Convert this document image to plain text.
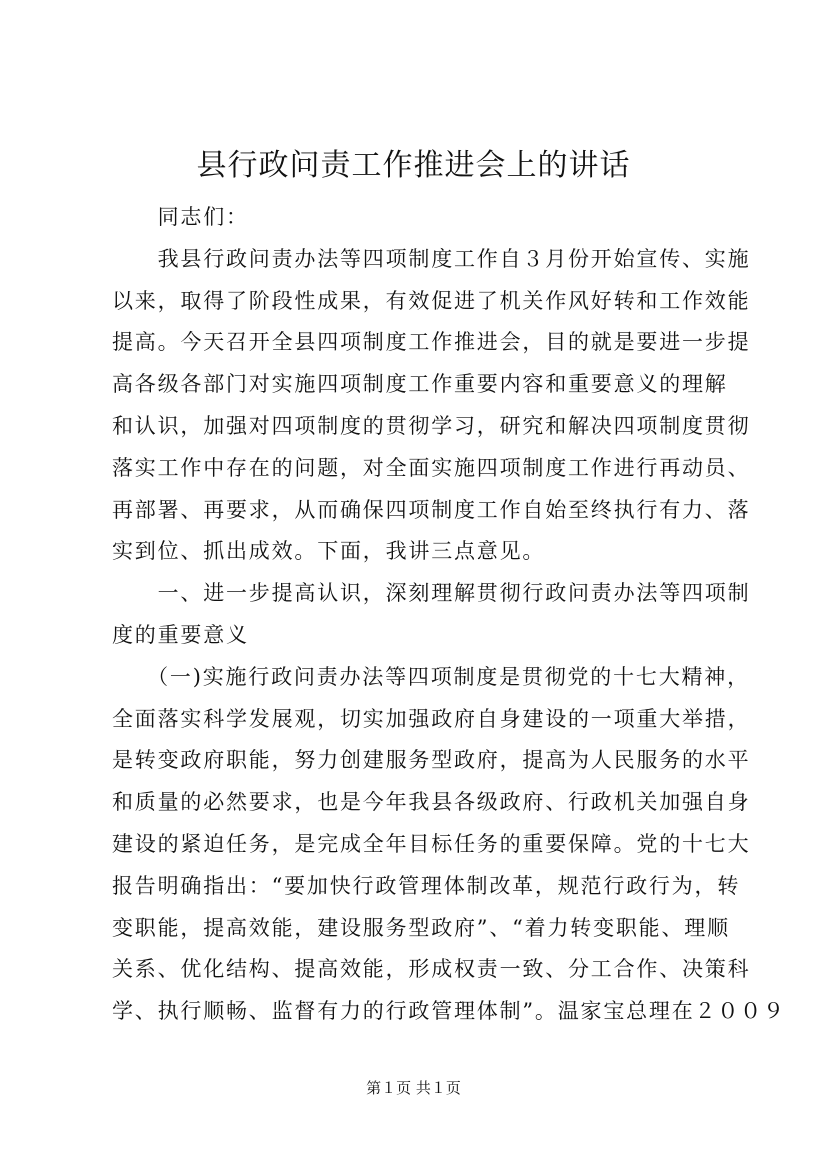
县行政问责工作推进会上的讲话
　　同志们：
　　我县行政问责办法等四项制度工作自３月份开始宣传、实施
以来，取得了阶段性成果，有效促进了机关作风好转和工作效能
提高。今天召开全县四项制度工作推进会，目的就是要进一步提
高各级各部门对实施四项制度工作重要内容和重要意义的理解
和认识，加强对四项制度的贯彻学习，研究和解决四项制度贯彻
落实工作中存在的问题，对全面实施四项制度工作进行再动员、
再部署、再要求，从而确保四项制度工作自始至终执行有力、落
实到位、抓出成效。下面，我讲三点意见。
　　一、进一步提高认识，深刻理解贯彻行政问责办法等四项制
度的重要意义
　　（一)实施行政问责办法等四项制度是贯彻党的十七大精神，
全面落实科学发展观，切实加强政府自身建设的一项重大举措，
是转变政府职能，努力创建服务型政府，提高为人民服务的水平
和质量的必然要求，也是今年我县各级政府、行政机关加强自身
建设的紧迫任务，是完成全年目标任务的重要保障。党的十七大
报告明确指出：“要加快行政管理体制改革，规范行政行为，转
变职能，提高效能，建设服务型政府”、“着力转变职能、理顺
关系、优化结构、提高效能，形成权责一致、分工合作、决策科
学、执行顺畅、监督有力的行政管理体制”。温家宝总理在２００９
第１页 共１页
